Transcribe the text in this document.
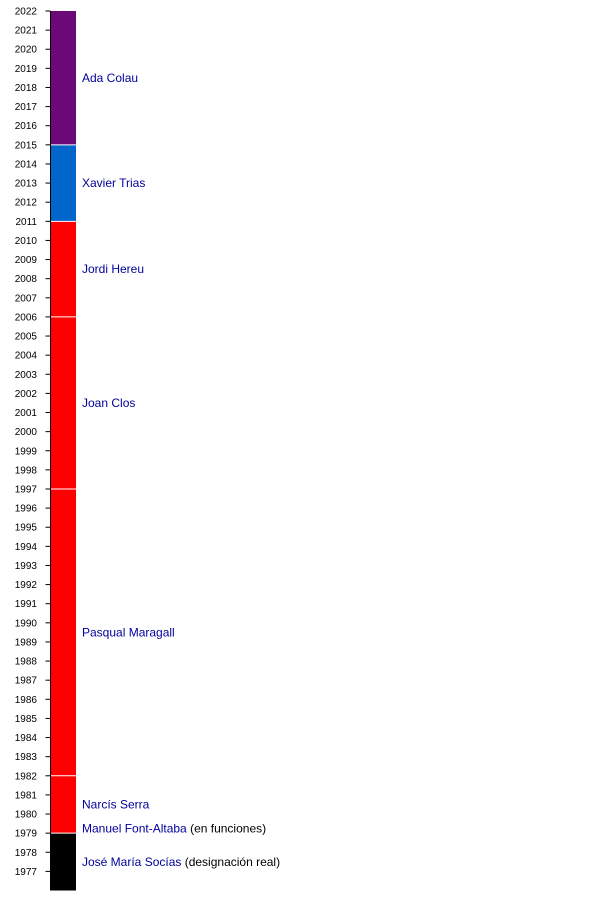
1977
1978
1979
1980
1981
1982
1983
1984
1985
1986
1987
1988
1989
1990
1991
1992
1993
1994
1995
1996
1997
1998
1999
2000
2001
2002
2003
2004
2005
2006
2007
2008
2009
2010
2011
2012
2013
2014
2015
2016
2017
2018
2019
2020
2021
2022
José María Socías (designación real)
Manuel Font-Altaba (en funciones)
Narcís Serra
Pasqual Maragall
Joan Clos
Jordi Hereu
Xavier Trias
Ada Colau
